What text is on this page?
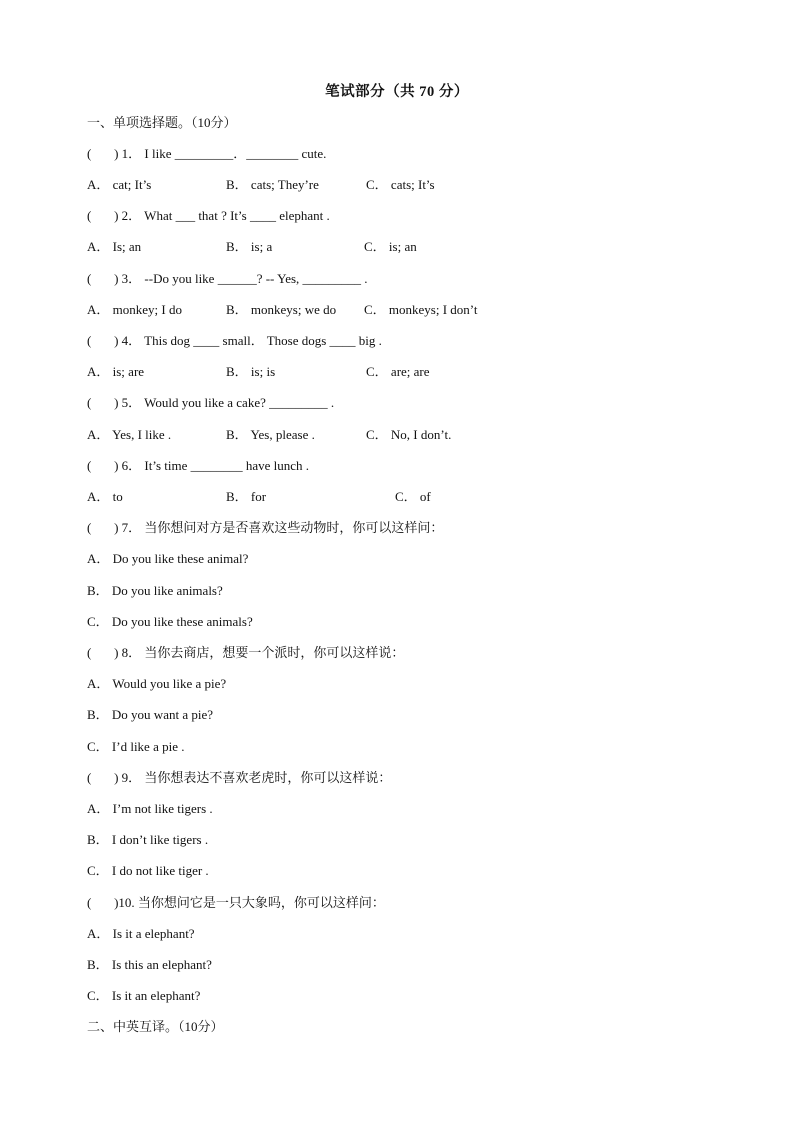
笔试部分（共 70 分）
一、单项选择题。（10分）
(       ) 1． I like _________．________ cute.
A． cat; It’s	B． cats; They’re	C． cats; It’s
(       ) 2． What ___ that ? It’s ____ elephant .
A． Is; an	B． is; a	C． is; an
(       ) 3． --Do you like ______? -- Yes, _________ .
A． monkey; I do	B． monkeys; we do C． monkeys; I don’t
(       ) 4． This dog ____ small． Those dogs ____ big .
A． is; are	B． is; is	C． are; are
(       ) 5． Would you like a cake? _________ .
A． Yes, I like .	B． Yes, please .	C． No, I don’t.
(       ) 6． It’s time ________ have lunch .
A． to	B． for	C． of
(       ) 7． 当你想问对方是否喜欢这些动物时，你可以这样问：
A． Do you like these animal?
B． Do you like animals?
C． Do you like these animals?
(       ) 8． 当你去商店，想要一个派时，你可以这样说：
A． Would you like a pie?
B． Do you want a pie?
C． I’d like a pie .
(       ) 9． 当你想表达不喜欢老虎时，你可以这样说：
A． I’m not like tigers .
B． I don’t like tigers .
C． I do not like tiger .
(       )10. 当你想问它是一只大象吗，你可以这样问：
A． Is it a elephant?
B． Is this an elephant?
C． Is it an elephant?
二、中英互译。（10分）
